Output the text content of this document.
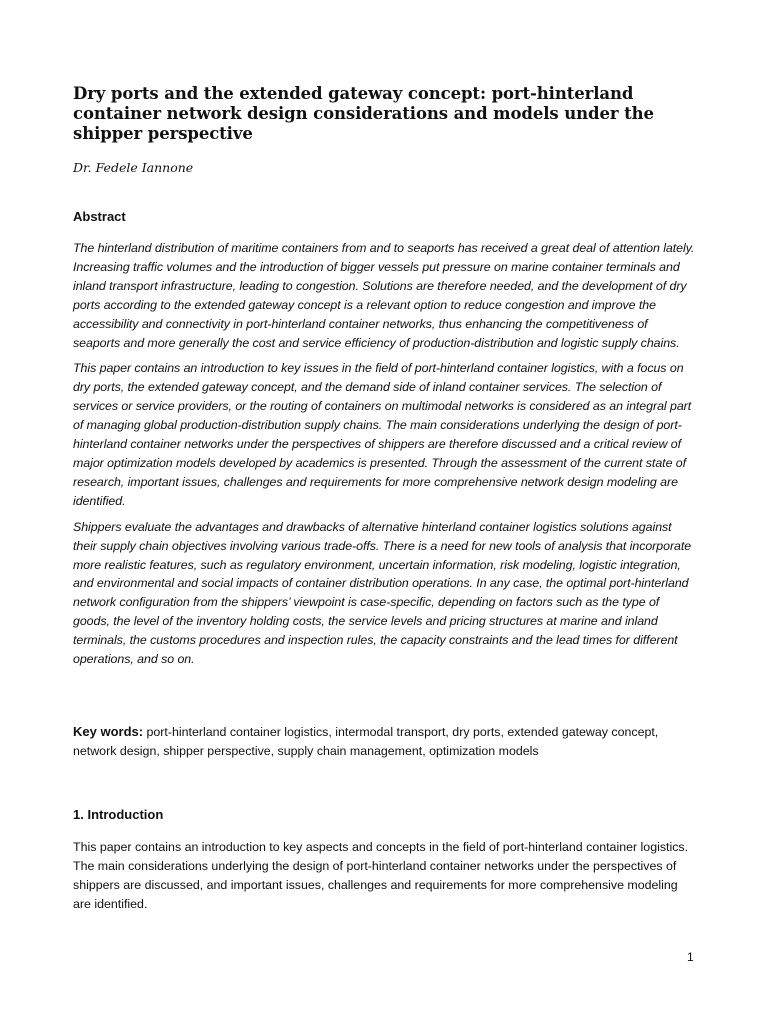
Dry ports and the extended gateway concept: port-hinterland container network design considerations and models under the shipper perspective

Dr. Fedele Iannone

Abstract

The hinterland distribution of maritime containers from and to seaports has received a great deal of attention lately. Increasing traffic volumes and the introduction of bigger vessels put pressure on marine container terminals and inland transport infrastructure, leading to congestion. Solutions are therefore needed, and the development of dry ports according to the extended gateway concept is a relevant option to reduce congestion and improve the accessibility and connectivity in port-hinterland container networks, thus enhancing the competitiveness of seaports and more generally the cost and service efficiency of production-distribution and logistic supply chains.

This paper contains an introduction to key issues in the field of port-hinterland container logistics, with a focus on dry ports, the extended gateway concept, and the demand side of inland container services. The selection of services or service providers, or the routing of containers on multimodal networks is considered as an integral part of managing global production-distribution supply chains. The main considerations underlying the design of port-hinterland container networks under the perspectives of shippers are therefore discussed and a critical review of major optimization models developed by academics is presented. Through the assessment of the current state of research, important issues, challenges and requirements for more comprehensive network design modeling are identified.

Shippers evaluate the advantages and drawbacks of alternative hinterland container logistics solutions against their supply chain objectives involving various trade-offs. There is a need for new tools of analysis that incorporate more realistic features, such as regulatory environment, uncertain information, risk modeling, logistic integration, and environmental and social impacts of container distribution operations. In any case, the optimal port-hinterland network configuration from the shippers’ viewpoint is case-specific, depending on factors such as the type of goods, the level of the inventory holding costs, the service levels and pricing structures at marine and inland terminals, the customs procedures and inspection rules, the capacity constraints and the lead times for different operations, and so on.

Key words: port-hinterland container logistics, intermodal transport, dry ports, extended gateway concept, network design, shipper perspective, supply chain management, optimization models

1. Introduction

This paper contains an introduction to key aspects and concepts in the field of port-hinterland container logistics. The main considerations underlying the design of port-hinterland container networks under the perspectives of shippers are discussed, and important issues, challenges and requirements for more comprehensive modeling are identified.

1
